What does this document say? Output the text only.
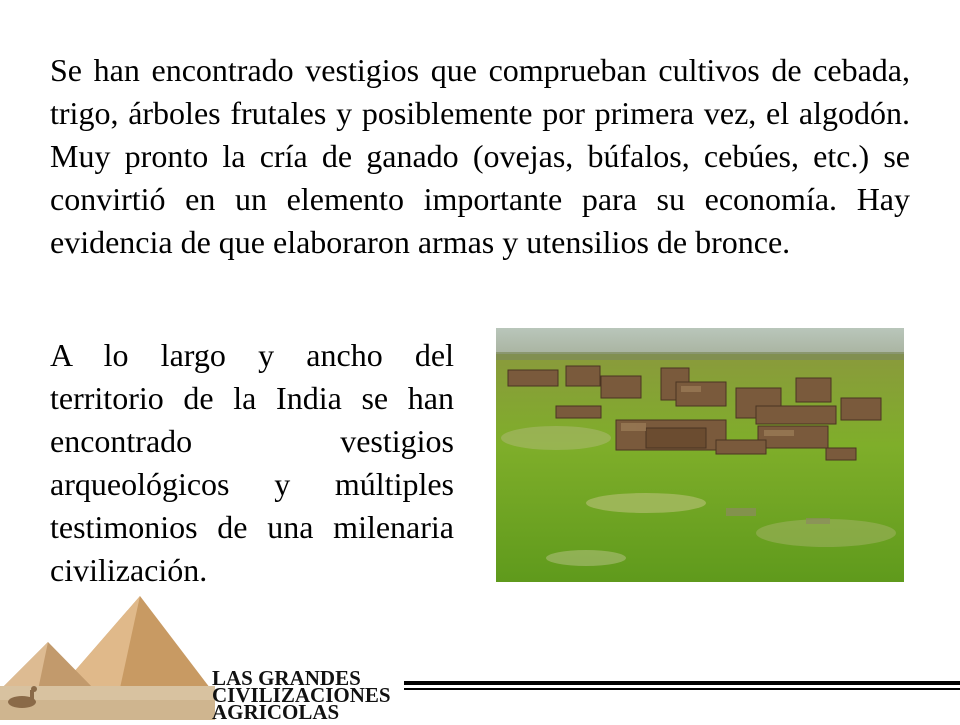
Se han encontrado vestigios que comprueban cultivos de cebada, trigo, árboles frutales y posiblemente por primera vez, el algodón. Muy pronto la cría de ganado (ovejas, búfalos, cebúes, etc.) se convirtió en un elemento importante para su economía. Hay evidencia de que elaboraron armas y utensilios de bronce.

A lo largo y ancho del territorio de la India se han encontrado vestigios arqueológicos y múltiples testimonios de una milenaria civilización.

LAS GRANDES
CIVILIZACIONES
AGRICOLAS
